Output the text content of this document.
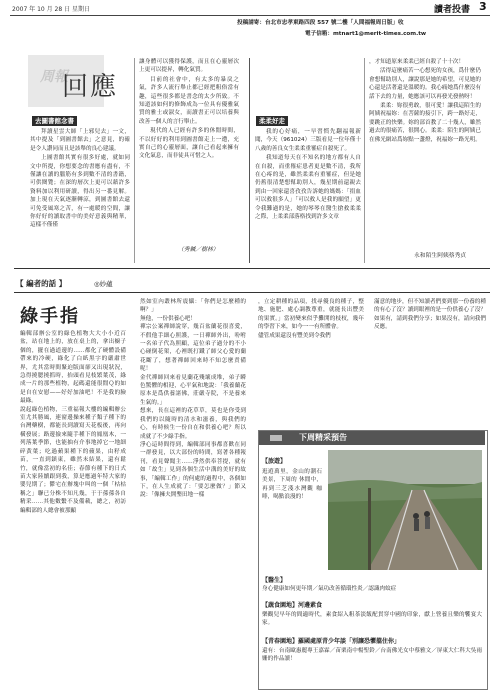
2007 年 10 月 28 日 星期日	讀者投書 3
投稿請寄：台北市忠孝東路四段 557 號二樓「人間福報周日版」收
電子信箱：mtnart1@merit-times.com.tw
周報
回應
去圖書館念書

拜讀星雲大師「上邪兒去」一文，其中提及「到圖書館去」之意見，的確是令人讚同而且是該舉的良心建議。

上圖書館其實有很多好處，就如同文中所提，你想要念的書應有盡有，不僅讓在讀的腦筋有多到數不清的書籍，可供閱覽；在深的層次上更可以藉許多資料加以利用研讀，得出另一番見解。加上現在天氣逐漸轉涼，到圖書館去還可免受風寒之苦，有一處暖的空間，讓你好好的讀取書中的美好意義與精華，這樣不僅僅

讓身體可以獲得保護，而且在心靈層次上更可以提昇，轉化氣質。

目前的社會中，有太多的暴戾之氣，許多人流行舉止都已經把粗俗當有趣，這些很多都是書念的太少所致。不知道該如何的修飾成為一位具有優雅氣質的雅士或淑女，而讀書正可以培養與改善一個人的言行舉止。

現代的人已經有許多的休閒時間，不以好好的利用到圖書館走上一遭，充實自己的心靈層面，讓自己看起來擁有文化氣息，而非徒具可惜之人。

（秀鍼／樹林）
柔柔好走

我的心好痛，一早習慣先翻福報新聞，今天（961024）三版看見一位年僅十八歲的善良女生柔柔重罹症自殺死了。

我知道每天在不知名的地方都有人自在自殺，而重罹症患者更是數不清，我所在心疼的是，雖然柔柔有重罹症，但是她仍舊很清楚想幫助別人，幾星期前還親去到由一回家還喜孜孜告訴她的媽媽：「捐血可以救很多人」「可以救人是我的願望」更令我難過的是，她的琴琴在醫生搶救柔柔之際，上柔柔部落格找到許多文章

，才知道原來柔柔已經自殺了十十次！

活得這麼痛苦一心想死的女孩，爲什麼仍會想幫助別人，讓說那是她的希望，可見她的心還是活著還是溫暖的。我心痛她爲什麼沒有話下去的力量，她應該可以再發光發熱呀！

柔柔：妳很勇敢，很可愛！讓我這陌生的阿姨祝福妳：在菩薩的接引下，跨一路好走，要跳正的快樂。妳的部首教了二十幾人，雖然過去的很痛苦，很開心。柔柔：陌生的阿姨已在佛光網站爲妳點一盞燈，祝福妳一路光明。

永和陌生阿姨蔡秀貞
【 編者的話 】	◎妙蘊
綠手指
編輯部辦公室的綠色植物大大小小近百盆，站在地上的，放在桌上的，拿出櫥子個的，擺在過道邊的……都化了硬體設備帶來的冷硬，綠化了白紙黑字的嚴肅世界，尤其當時間緊迫版面卻又出現狀況，急得撓腮撓抓時，抬頭看見枝繁葉茂，綠成一片的那些植物，起碼還能很閒Ｑ的如是自在安慰——好好加油吧！不是我的臉最綠。
說起綠色植物，三重福報大樓的編輯辦公室尤其勝風，連窗邊操來種子類子種下的台灣藥樹，都能長到讀寫天花板後，再向橫發展；路邊撿來隨手種下的鳳凰木，一列落葉季節，也能抽有介事地掉它一地細碎黃葉；吃過蘋果種下的蘋果，由籽成苗，一直到鎮東，雖然未結果，還有鬆竹，就像當初的名佳；春節有種下的日式苗大家陸續跟到我，算是應過年特大家的嬰兒期了；鬱宅在辦塊中叫的一個「枯枯稱之」聯已分株不知凡幾，于于孫孫各自精采……其他數繫不及備載，總之，初訪編輯部的人總會被那顯
然如室內叢林所震懾：「你們是怎麼種的啊？」
無他，一份供養心吧！
禪宗公案禪師說穿，幾百盆蘭花很喜愛，不假他手細心照護，一日禪師外出，吩咐一名弟子代為照顧，這位弟子過分的不小心碰倒花架，心裡既打鐵了師父心愛的蘭花斷了，想著禪師回來時不知怎麼責備呢！
金代禪師回來看見蘭花殘壞成堆，弟子瞬色驚懼的相迎，心平氣和地說：「我養蘭花原本是爲供養諸佛，莊嚴寺院，不是養來生氣的。」
想來，長在這裡的花草草，莫也是你受到我們的以隨時的清水和滋養，與我們的心，有時候生一份自在和供養心吧？所以成就了不少綠手指。
淨心這時間得到，編輯部同事都喜歡在同一群發見，以大部份的時間，寫著各種報刊，看見聲聞主……淨然供奉菩提，就有如「故生」見到各個生活中溝的美好的故事，「編輯工作」的何處的過程中，各個如下，在人生成就了：「要怎麼做？」節又說：「像擁夫開墾田地一樣
，立定耕種的品項，找尋優良的種子，整地、施肥、處心調教尊重，就能長出豐美的果實。」當初變來似乎攤開的枝杈，幾年的學習下來，如今一一有所體會。
儘管成果還沒有豐美到令我們
滿意的地步，但不知讀者們要到那一份養的種的有心了沒？讀到眼裡的是一份供養心了沒？
如果有，請到我們分享；如果沒有，請向我們反應。
下周精采預告
【旅遊】
逛遊萬里，金山的潮石美景，下周的 休閒中，再到三芝淺水灣觀 咖啡，喝點浪漫的！
【醫生】
身心健康如何更年期／氣功改善循環性炎／認識肉蚊症
【蔬食園地】河邊素食
樂觀兒早年的間適時代，素食紹入粗茶淡飯配貫穿中國的印象，獻上營養且樂的饗宴大家。
【青春園地】羅國處原青少年談「別讓恐懼擋住你」
還有：台南歐惠麗專王嘉霖／苗栗南中楊聖鈴／台南佛光女中蔡雅文／屏東大仁科大吳雨姗的作品讀！
